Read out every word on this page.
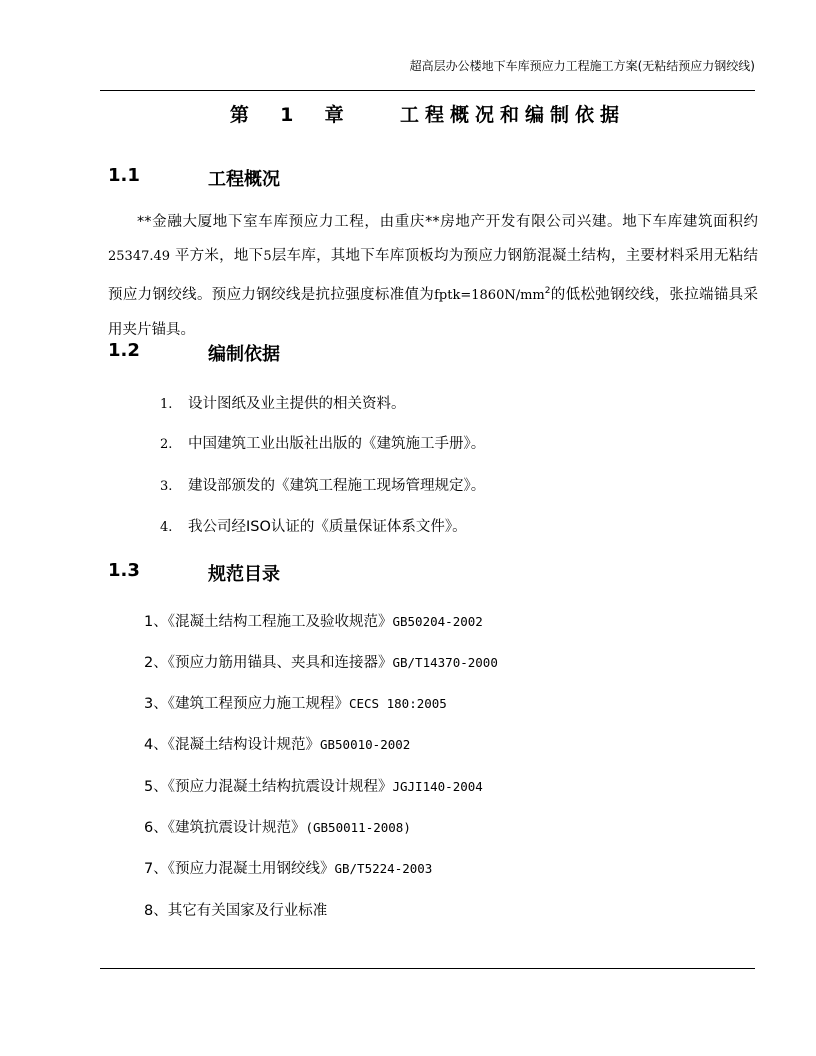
超高层办公楼地下车库预应力工程施工方案(无粘结预应力钢绞线)
第  1  章    工程概况和编制依据
1.1	工程概况
**金融大厦地下室车库预应力工程，由重庆**房地产开发有限公司兴建。地下车库建筑面积约25347.49 平方米，地下5层车库，其地下车库顶板均为预应力钢筋混凝土结构，主要材料采用无粘结预应力钢绞线。预应力钢绞线是抗拉强度标准值为$fptk=1860N/mm^2$的低松弛钢绞线，张拉端锚具采用夹片锚具。
1.2	编制依据
1. 设计图纸及业主提供的相关资料。
2. 中国建筑工业出版社出版的《建筑施工手册》。
3. 建设部颁发的《建筑工程施工现场管理规定》。
4. 我公司经ISO认证的《质量保证体系文件》。
1.3	规范目录
1、《混凝土结构工程施工及验收规范》GB50204-2002
2、《预应力筋用锚具、夹具和连接器》GB/T14370-2000
3、《建筑工程预应力施工规程》CECS 180:2005
4、《混凝土结构设计规范》GB50010-2002
5、《预应力混凝土结构抗震设计规程》JGJI140-2004
6、《建筑抗震设计规范》(GB50011-2008)
7、《预应力混凝土用钢绞线》GB/T5224-2003
8、其它有关国家及行业标准
